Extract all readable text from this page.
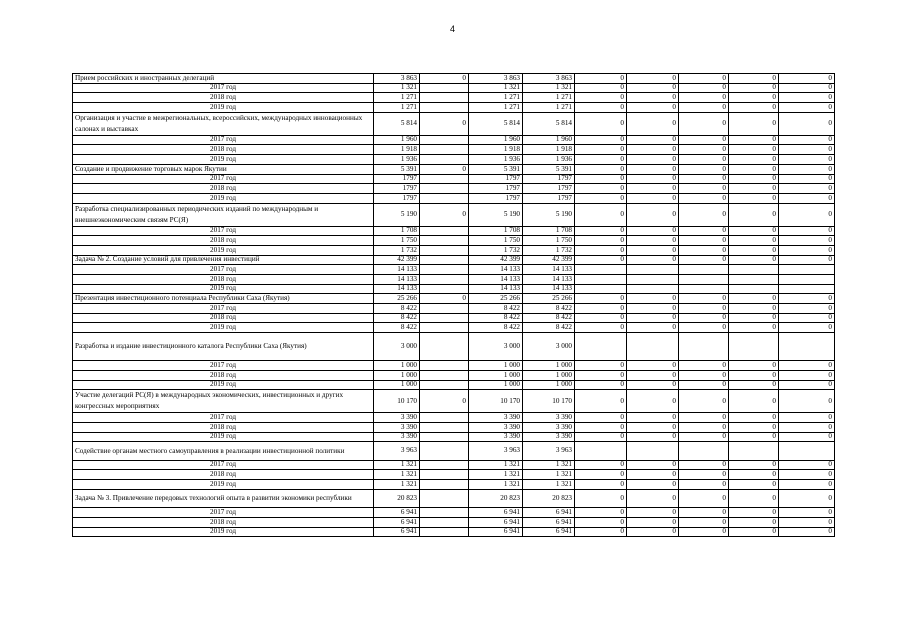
4
Прием российских и иностранных делегаций	3 863	0	3 863	3 863	0	0	0	0	0
2017 год	1 321		1 321	1 321	0	0	0	0	0
2018 год	1 271		1 271	1 271	0	0	0	0	0
2019 год	1 271		1 271	1 271	0	0	0	0	0
Организация и участие в межрегиональных, всероссийских, международных инновационных салонах и выставках	5 814	0	5 814	5 814	0	0	0	0	0
2017 год	1 960		1 960	1 960	0	0	0	0	0
2018 год	1 918		1 918	1 918	0	0	0	0	0
2019 год	1 936		1 936	1 936	0	0	0	0	0
Создание и продвижение торговых марок Якутии	5 391	0	5 391	5 391	0	0	0	0	0
2017 год	1797		1797	1797	0	0	0	0	0
2018 год	1797		1797	1797	0	0	0	0	0
2019 год	1797		1797	1797	0	0	0	0	0
Разработка специализированных периодических изданий по международным и внешнеэкономическим связям РС(Я)	5 190	0	5 190	5 190	0	0	0	0	0
2017 год	1 708		1 708	1 708	0	0	0	0	0
2018 год	1 750		1 750	1 750	0	0	0	0	0
2019 год	1 732		1 732	1 732	0	0	0	0	0
Задача № 2. Создание условий для привлечения инвестиций	42 399		42 399	42 399	0	0	0	0	0
2017 год	14 133		14 133	14 133					
2018 год	14 133		14 133	14 133					
2019 год	14 133		14 133	14 133					
Презентация инвестиционного потенциала Республики Саха (Якутия)	25 266	0	25 266	25 266	0	0	0	0	0
2017 год	8 422		8 422	8 422	0	0	0	0	0
2018 год	8 422		8 422	8 422	0	0	0	0	0
2019 год	8 422		8 422	8 422	0	0	0	0	0
Разработка и издание инвестиционного каталога Республики Саха (Якутия)	3 000		3 000	3 000					
2017 год	1 000		1 000	1 000	0	0	0	0	0
2018 год	1 000		1 000	1 000	0	0	0	0	0
2019 год	1 000		1 000	1 000	0	0	0	0	0
Участие делегаций РС(Я) в международных экономических, инвестиционных и других конгрессных мероприятиях	10 170	0	10 170	10 170	0	0	0	0	0
2017 год	3 390		3 390	3 390	0	0	0	0	0
2018 год	3 390		3 390	3 390	0	0	0	0	0
2019 год	3 390		3 390	3 390	0	0	0	0	0
Содействие органам местного самоуправления в реализации инвестиционной политики	3 963		3 963	3 963					
2017 год	1 321		1 321	1 321	0	0	0	0	0
2018 год	1 321		1 321	1 321	0	0	0	0	0
2019 год	1 321		1 321	1 321	0	0	0	0	0
Задача № 3. Привлечение передовых технологий опыта в развитии экономики республики	20 823		20 823	20 823	0	0	0	0	0
2017 год	6 941		6 941	6 941	0	0	0	0	0
2018 год	6 941		6 941	6 941	0	0	0	0	0
2019 год	6 941		6 941	6 941	0	0	0	0	0
